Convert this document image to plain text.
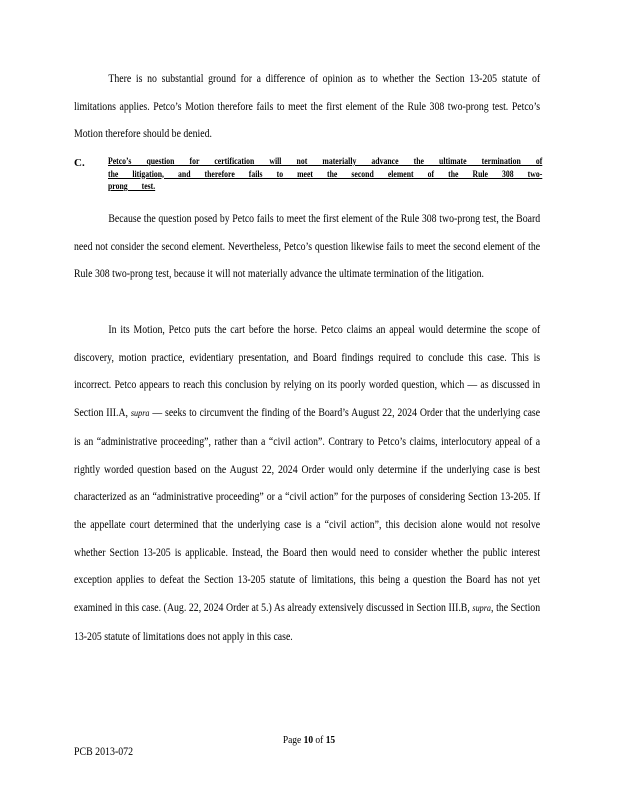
There is no substantial ground for a difference of opinion as to whether the Section 13-205 statute of limitations applies. Petco’s Motion therefore fails to meet the first element of the Rule 308 two-prong test. Petco’s Motion therefore should be denied.
C.	Petco’s question for certification will not materially advance the ultimate termination of the litigation, and therefore fails to meet the second element of the Rule 308 two-prong test.
Because the question posed by Petco fails to meet the first element of the Rule 308 two-prong test, the Board need not consider the second element. Nevertheless, Petco’s question likewise fails to meet the second element of the Rule 308 two-prong test, because it will not materially advance the ultimate termination of the litigation.
In its Motion, Petco puts the cart before the horse. Petco claims an appeal would determine the scope of discovery, motion practice, evidentiary presentation, and Board findings required to conclude this case. This is incorrect. Petco appears to reach this conclusion by relying on its poorly worded question, which — as discussed in Section III.A, supra — seeks to circumvent the finding of the Board’s August 22, 2024 Order that the underlying case is an “administrative proceeding”, rather than a “civil action”. Contrary to Petco’s claims, interlocutory appeal of a rightly worded question based on the August 22, 2024 Order would only determine if the underlying case is best characterized as an “administrative proceeding” or a “civil action” for the purposes of considering Section 13-205. If the appellate court determined that the underlying case is a “civil action”, this decision alone would not resolve whether Section 13-205 is applicable. Instead, the Board then would need to consider whether the public interest exception applies to defeat the Section 13-205 statute of limitations, this being a question the Board has not yet examined in this case. (Aug. 22, 2024 Order at 5.) As already extensively discussed in Section III.B, supra, the Section 13-205 statute of limitations does not apply in this case.
Page 10 of 15
PCB 2013-072
